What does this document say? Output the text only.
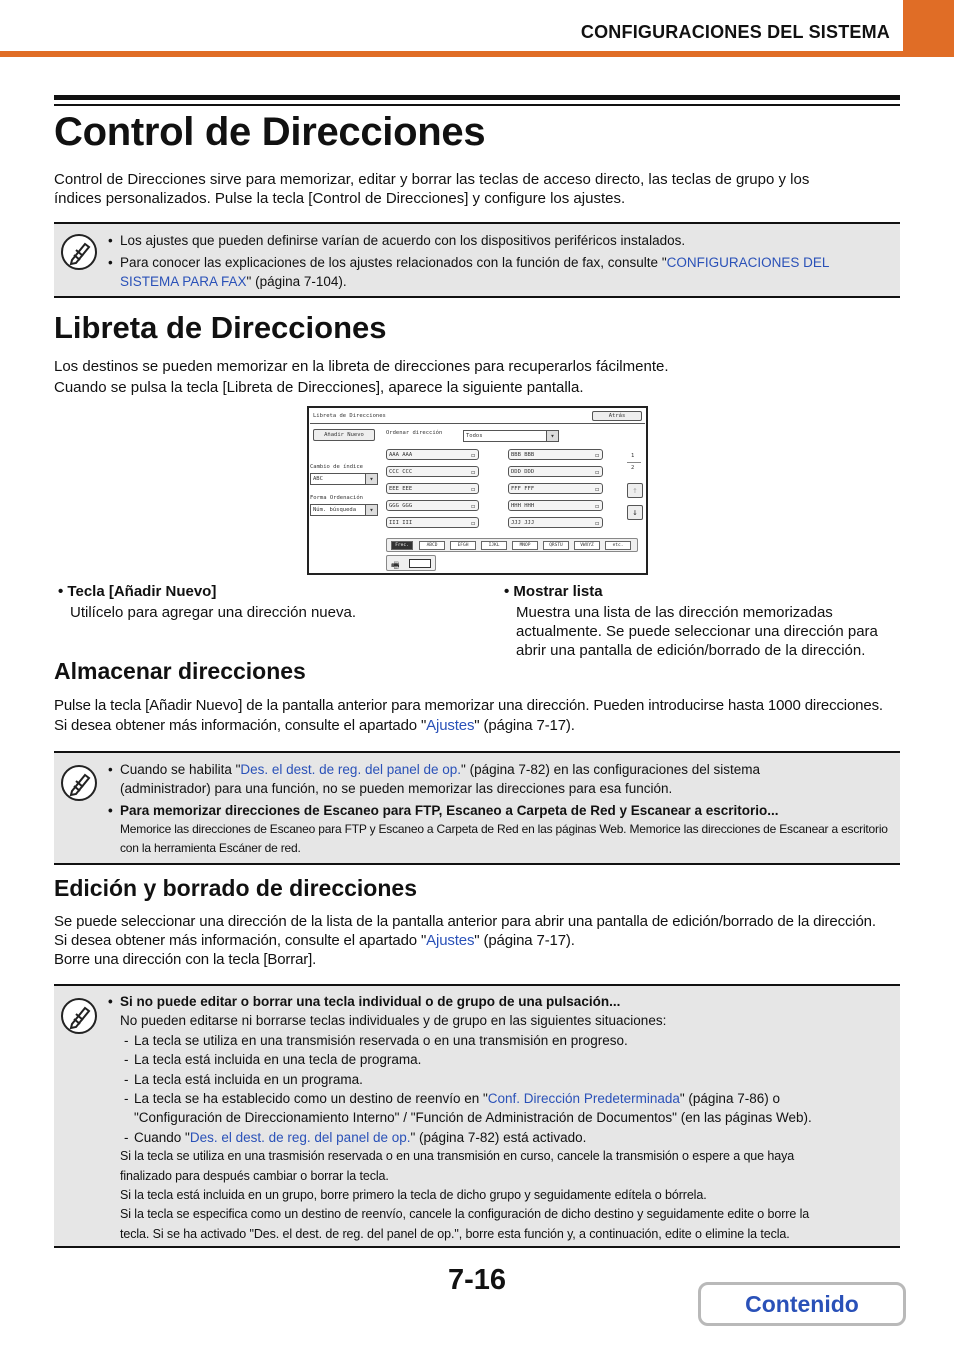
CONFIGURACIONES DEL SISTEMA
Control de Direcciones
Control de Direcciones sirve para memorizar, editar y borrar las teclas de acceso directo, las teclas de grupo y los
índices personalizados. Pulse la tecla [Control de Direcciones] y configure los ajustes.
• Los ajustes que pueden definirse varían de acuerdo con los dispositivos periféricos instalados.
• Para conocer las explicaciones de los ajustes relacionados con la función de fax, consulte "CONFIGURACIONES DEL
SISTEMA PARA FAX" (página 7-104).
Libreta de Direcciones
Los destinos se pueden memorizar en la libreta de direcciones para recuperarlos fácilmente.
Cuando se pulsa la tecla [Libreta de Direcciones], aparece la siguiente pantalla.
Libreta de Direcciones	Atrás
Añadir Nuevo	Ordenar dirección	Todos	▾
Cambio de índice
ABC	▾
Forma Ordenación
Núm. búsqueda	▾
AAA AAA	◻
CCC CCC	◻
EEE EEE	◻
GGG GGG	◻
III III	◻
BBB BBB	◻
DDD DDD	◻
FFF FFF	◻
HHH HHH	◻
JJJ JJJ	◻
1
2
↑
↓
Frec.	ABCD	EFGH	IJKL	MNOP	QRSTU	VWXYZ	etc.
🖷
• Tecla [Añadir Nuevo]
Utilícelo para agregar una dirección nueva.
• Mostrar lista
Muestra una lista de las dirección memorizadas
actualmente. Se puede seleccionar una dirección para
abrir una pantalla de edición/borrado de la dirección.
Almacenar direcciones
Pulse la tecla [Añadir Nuevo] de la pantalla anterior para memorizar una dirección. Pueden introducirse hasta 1000 direcciones.
Si desea obtener más información, consulte el apartado "Ajustes" (página 7-17).
• Cuando se habilita "Des. el dest. de reg. del panel de op." (página 7-82) en las configuraciones del sistema
(administrador) para una función, no se pueden memorizar las direcciones para esa función.
• Para memorizar direcciones de Escaneo para FTP, Escaneo a Carpeta de Red y Escanear a escritorio...
Memorice las direcciones de Escaneo para FTP y Escaneo a Carpeta de Red en las páginas Web. Memorice las direcciones de Escanear a escritorio
con la herramienta Escáner de red.
Edición y borrado de direcciones
Se puede seleccionar una dirección de la lista de la pantalla anterior para abrir una pantalla de edición/borrado de la dirección.
Si desea obtener más información, consulte el apartado "Ajustes" (página 7-17).
Borre una dirección con la tecla [Borrar].
• Si no puede editar o borrar una tecla individual o de grupo de una pulsación...
No pueden editarse ni borrarse teclas individuales y de grupo en las siguientes situaciones:
- La tecla se utiliza en una transmisión reservada o en una transmisión en progreso.
- La tecla está incluida en una tecla de programa.
- La tecla está incluida en un programa.
- La tecla se ha establecido como un destino de reenvío en "Conf. Dirección Predeterminada" (página 7-86) o
"Configuración de Direccionamiento Interno" / "Función de Administración de Documentos" (en las páginas Web).
- Cuando "Des. el dest. de reg. del panel de op." (página 7-82) está activado.
Si la tecla se utiliza en una trasmisión reservada o en una transmisión en curso, cancele la transmisión o espere a que haya
finalizado para después cambiar o borrar la tecla.
Si la tecla está incluida en un grupo, borre primero la tecla de dicho grupo y seguidamente edítela o bórrela.
Si la tecla se especifica como un destino de reenvío, cancele la configuración de dicho destino y seguidamente edite o borre la
tecla. Si se ha activado "Des. el dest. de reg. del panel de op.", borre esta función y, a continuación, edite o elimine la tecla.
7-16
Contenido
